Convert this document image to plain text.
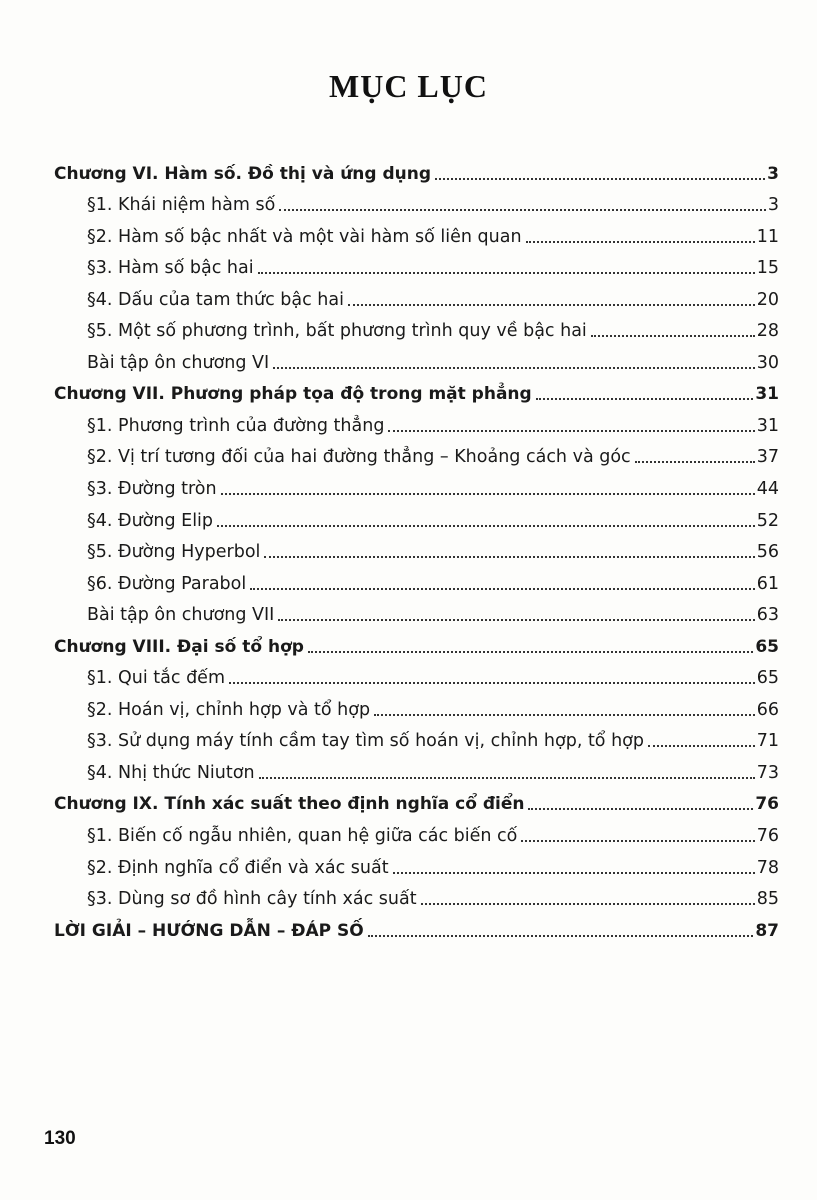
MỤC LỤC
Chương VI. Hàm số. Đồ thị và ứng dụng	3
§1. Khái niệm hàm số	3
§2. Hàm số bậc nhất và một vài hàm số liên quan	11
§3. Hàm số bậc hai	15
§4. Dấu của tam thức bậc hai	20
§5. Một số phương trình, bất phương trình quy về bậc hai	28
Bài tập ôn chương VI	30
Chương VII. Phương pháp tọa độ trong mặt phẳng	31
§1. Phương trình của đường thẳng	31
§2. Vị trí tương đối của hai đường thẳng – Khoảng cách và góc	37
§3. Đường tròn	44
§4. Đường Elip	52
§5. Đường Hyperbol	56
§6. Đường Parabol	61
Bài tập ôn chương VII	63
Chương VIII. Đại số tổ hợp	65
§1. Qui tắc đếm	65
§2. Hoán vị, chỉnh hợp và tổ hợp	66
§3. Sử dụng máy tính cầm tay tìm số hoán vị, chỉnh hợp, tổ hợp	71
§4. Nhị thức Niutơn	73
Chương IX. Tính xác suất theo định nghĩa cổ điển	76
§1. Biến cố ngẫu nhiên, quan hệ giữa các biến cố	76
§2. Định nghĩa cổ điển và xác suất	78
§3. Dùng sơ đồ hình cây tính xác suất	85
LỜI GIẢI – HƯỚNG DẪN – ĐÁP SỐ	87
130
